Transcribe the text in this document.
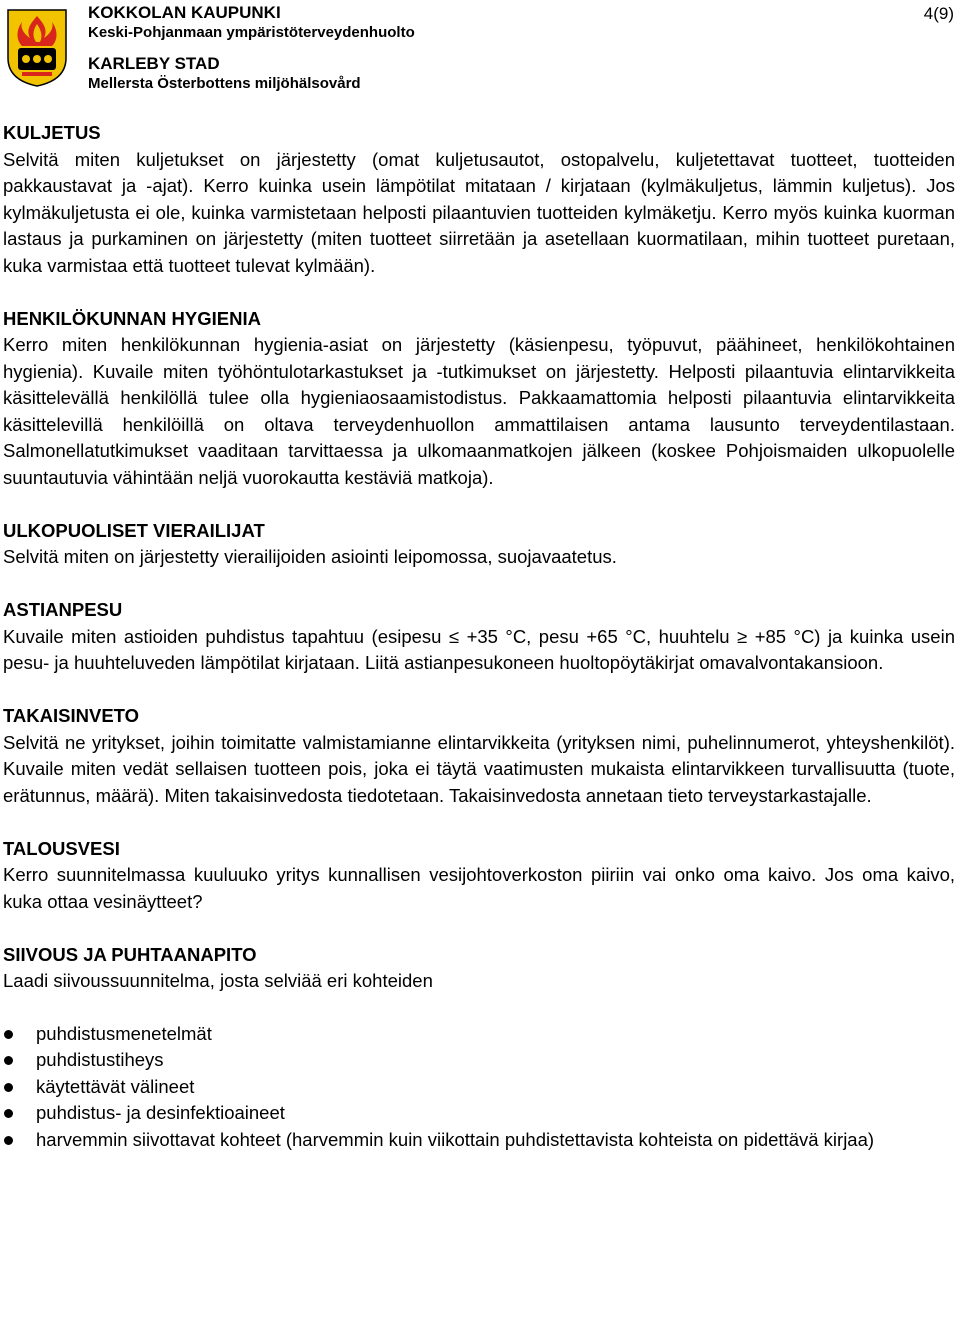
KOKKOLAN KAUPUNKI
Keski-Pohjanmaan ympäristöterveydenhuolto
KARLEBY STAD
Mellersta Österbottens miljöhälsovård
4(9)
KULJETUS

Selvitä miten kuljetukset on järjestetty (omat kuljetusautot, ostopalvelu, kuljetettavat tuotteet, tuotteiden pakkaustavat ja -ajat). Kerro kuinka usein lämpötilat mitataan / kirjataan (kylmäkuljetus, lämmin kuljetus). Jos kylmäkuljetusta ei ole, kuinka varmistetaan helposti pilaantuvien tuotteiden kylmäketju. Kerro myös kuinka kuorman lastaus ja purkaminen on järjestetty (miten tuotteet siirretään ja asetellaan kuormatilaan, mihin tuotteet puretaan, kuka varmistaa että tuotteet tulevat kylmään).

HENKILÖKUNNAN HYGIENIA

Kerro miten henkilökunnan hygienia-asiat on järjestetty (käsienpesu, työpuvut, päähineet, henkilökohtainen hygienia). Kuvaile miten työhöntulotarkastukset ja -tutkimukset on järjestetty. Helposti pilaantuvia elintarvikkeita käsittelevällä henkilöllä tulee olla hygieniaosaamistodistus. Pakkaamattomia helposti pilaantuvia elintarvikkeita käsittelevillä henkilöillä on oltava terveydenhuollon ammattilaisen antama lausunto terveydentilastaan. Salmonellatutkimukset vaaditaan tarvittaessa ja ulkomaanmatkojen jälkeen (koskee Pohjoismaiden ulkopuolelle suuntautuvia vähintään neljä vuorokautta kestäviä matkoja).

ULKOPUOLISET VIERAILIJAT

Selvitä miten on järjestetty vierailijoiden asiointi leipomossa, suojavaatetus.

ASTIANPESU

Kuvaile miten astioiden puhdistus tapahtuu (esipesu ≤ +35 °C, pesu +65 °C, huuhtelu ≥ +85 °C) ja kuinka usein pesu- ja huuhteluveden lämpötilat kirjataan. Liitä astianpesukoneen huoltopöytäkirjat omavalvontakansioon.

TAKAISINVETO

Selvitä ne yritykset, joihin toimitatte valmistamianne elintarvikkeita (yrityksen nimi, puhelinnumerot, yhteyshenkilöt). Kuvaile miten vedät sellaisen tuotteen pois, joka ei täytä vaatimusten mukaista elintarvikkeen turvallisuutta (tuote, erätunnus, määrä). Miten takaisinvedosta tiedotetaan. Takaisinvedosta annetaan tieto terveystarkastajalle.

TALOUSVESI

Kerro suunnitelmassa kuuluuko yritys kunnallisen vesijohtoverkoston piiriin vai onko oma kaivo. Jos oma kaivo, kuka ottaa vesinäytteet?

SIIVOUS JA PUHTAANAPITO

Laadi siivoussuunnitelma, josta selviää eri kohteiden

puhdistusmenetelmät
puhdistustiheys
käytettävät välineet
puhdistus- ja desinfektioaineet
harvemmin siivottavat kohteet (harvemmin kuin viikottain puhdistettavista kohteista on pidettävä kirjaa)
